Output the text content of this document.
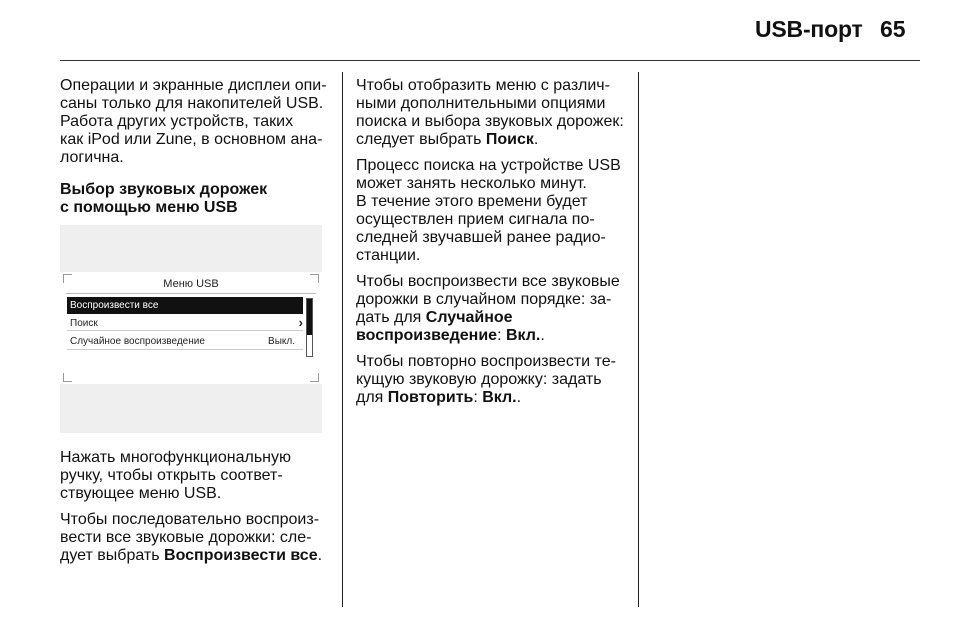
USB-порт 65

Операции и экранные дисплеи опи-
саны только для накопителей USB.
Работа других устройств, таких
как iPod или Zune, в основном ана-
логична.

Выбор звуковых дорожек
с помощью меню USB

Меню USB
Воспроизвести все
Поиск	›
Случайное воспроизведение	Выкл.

Нажать многофункциональную
ручку, чтобы открыть соответ-
ствующее меню USB.

Чтобы последовательно воспроиз-
вести все звуковые дорожки: сле-
дует выбрать Воспроизвести все.

Чтобы отобразить меню с различ-
ными дополнительными опциями
поиска и выбора звуковых дорожек:
следует выбрать Поиск.

Процесс поиска на устройстве USB
может занять несколько минут.
В течение этого времени будет
осуществлен прием сигнала по-
следней звучавшей ранее радио-
станции.

Чтобы воспроизвести все звуковые
дорожки в случайном порядке: за-
дать для Случайное
воспроизведение: Вкл..

Чтобы повторно воспроизвести те-
кущую звуковую дорожку: задать
для Повторить: Вкл..
